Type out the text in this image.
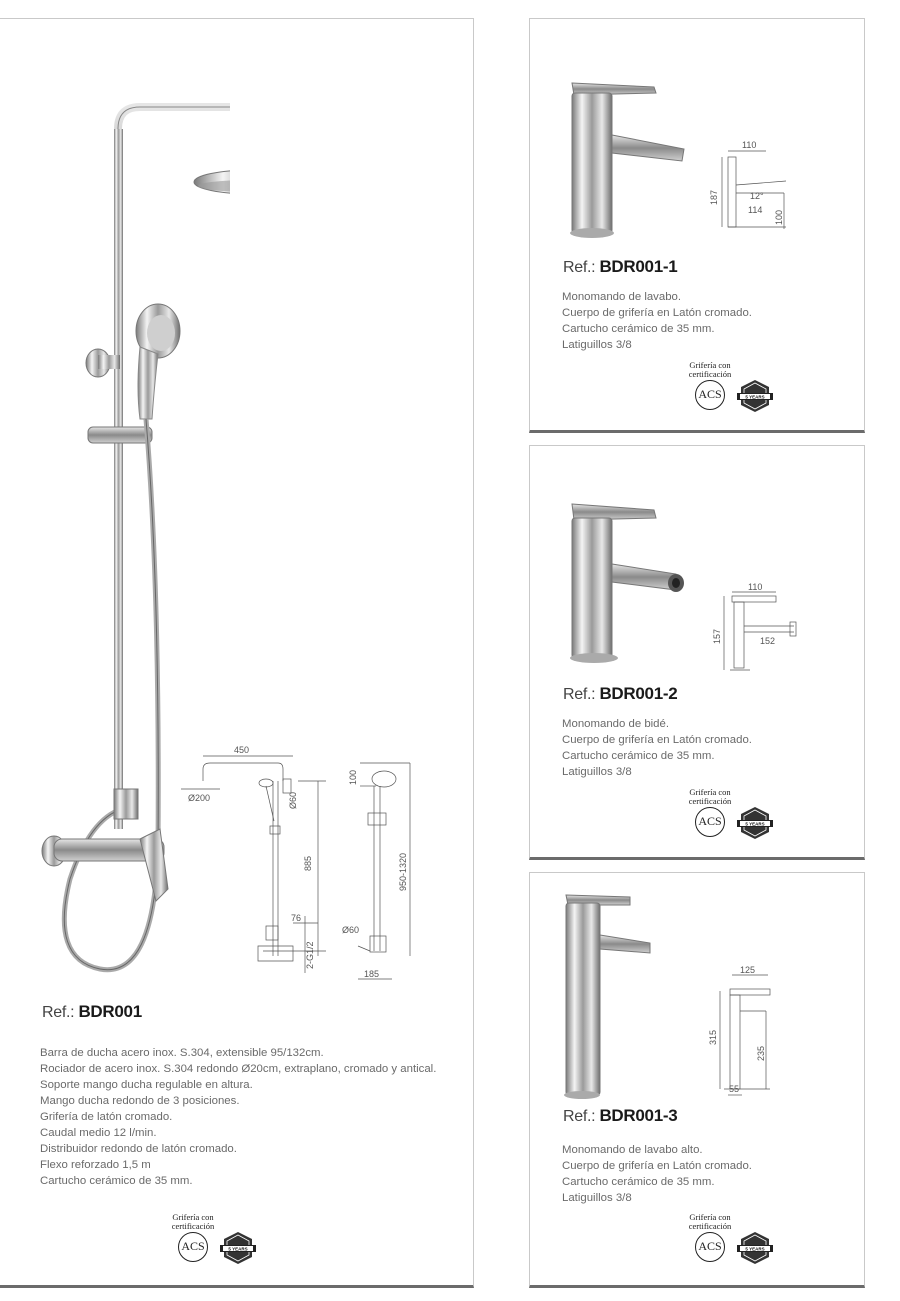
450
Ø200	Ø60
885
76
2-G1/2
100
950-1320
Ø60
185
Ref.: BDR001
Barra de ducha acero inox. S.304, extensible 95/132cm.
Rociador de acero inox. S.304 redondo Ø20cm, extraplano, cromado y antical.
Soporte mango ducha regulable en altura.
Mango ducha redondo de 3 posiciones.
Grifería de latón cromado.
Caudal medio 12 l/min.
Distribuidor redondo de latón cromado.
Flexo reforzado 1,5 m
Cartucho cerámico de 35 mm.
Grifería con
certificación
ACS	5 YEARS
110
187	12°
114 100
Ref.: BDR001-1
Monomando de lavabo.
Cuerpo de grifería en Latón cromado.
Cartucho cerámico de 35 mm.
Latiguillos 3/8
Grifería con
certificación
ACS	5 YEARS
110
157	152
Ref.: BDR001-2
Monomando de bidé.
Cuerpo de grifería en Latón cromado.
Cartucho cerámico de 35 mm.
Latiguillos 3/8
Grifería con
certificación
ACS	5 YEARS
125
315
235
55
Ref.: BDR001-3
Monomando de lavabo alto.
Cuerpo de grifería en Latón cromado.
Cartucho cerámico de 35 mm.
Latiguillos 3/8
Grifería con
certificación
ACS	5 YEARS
